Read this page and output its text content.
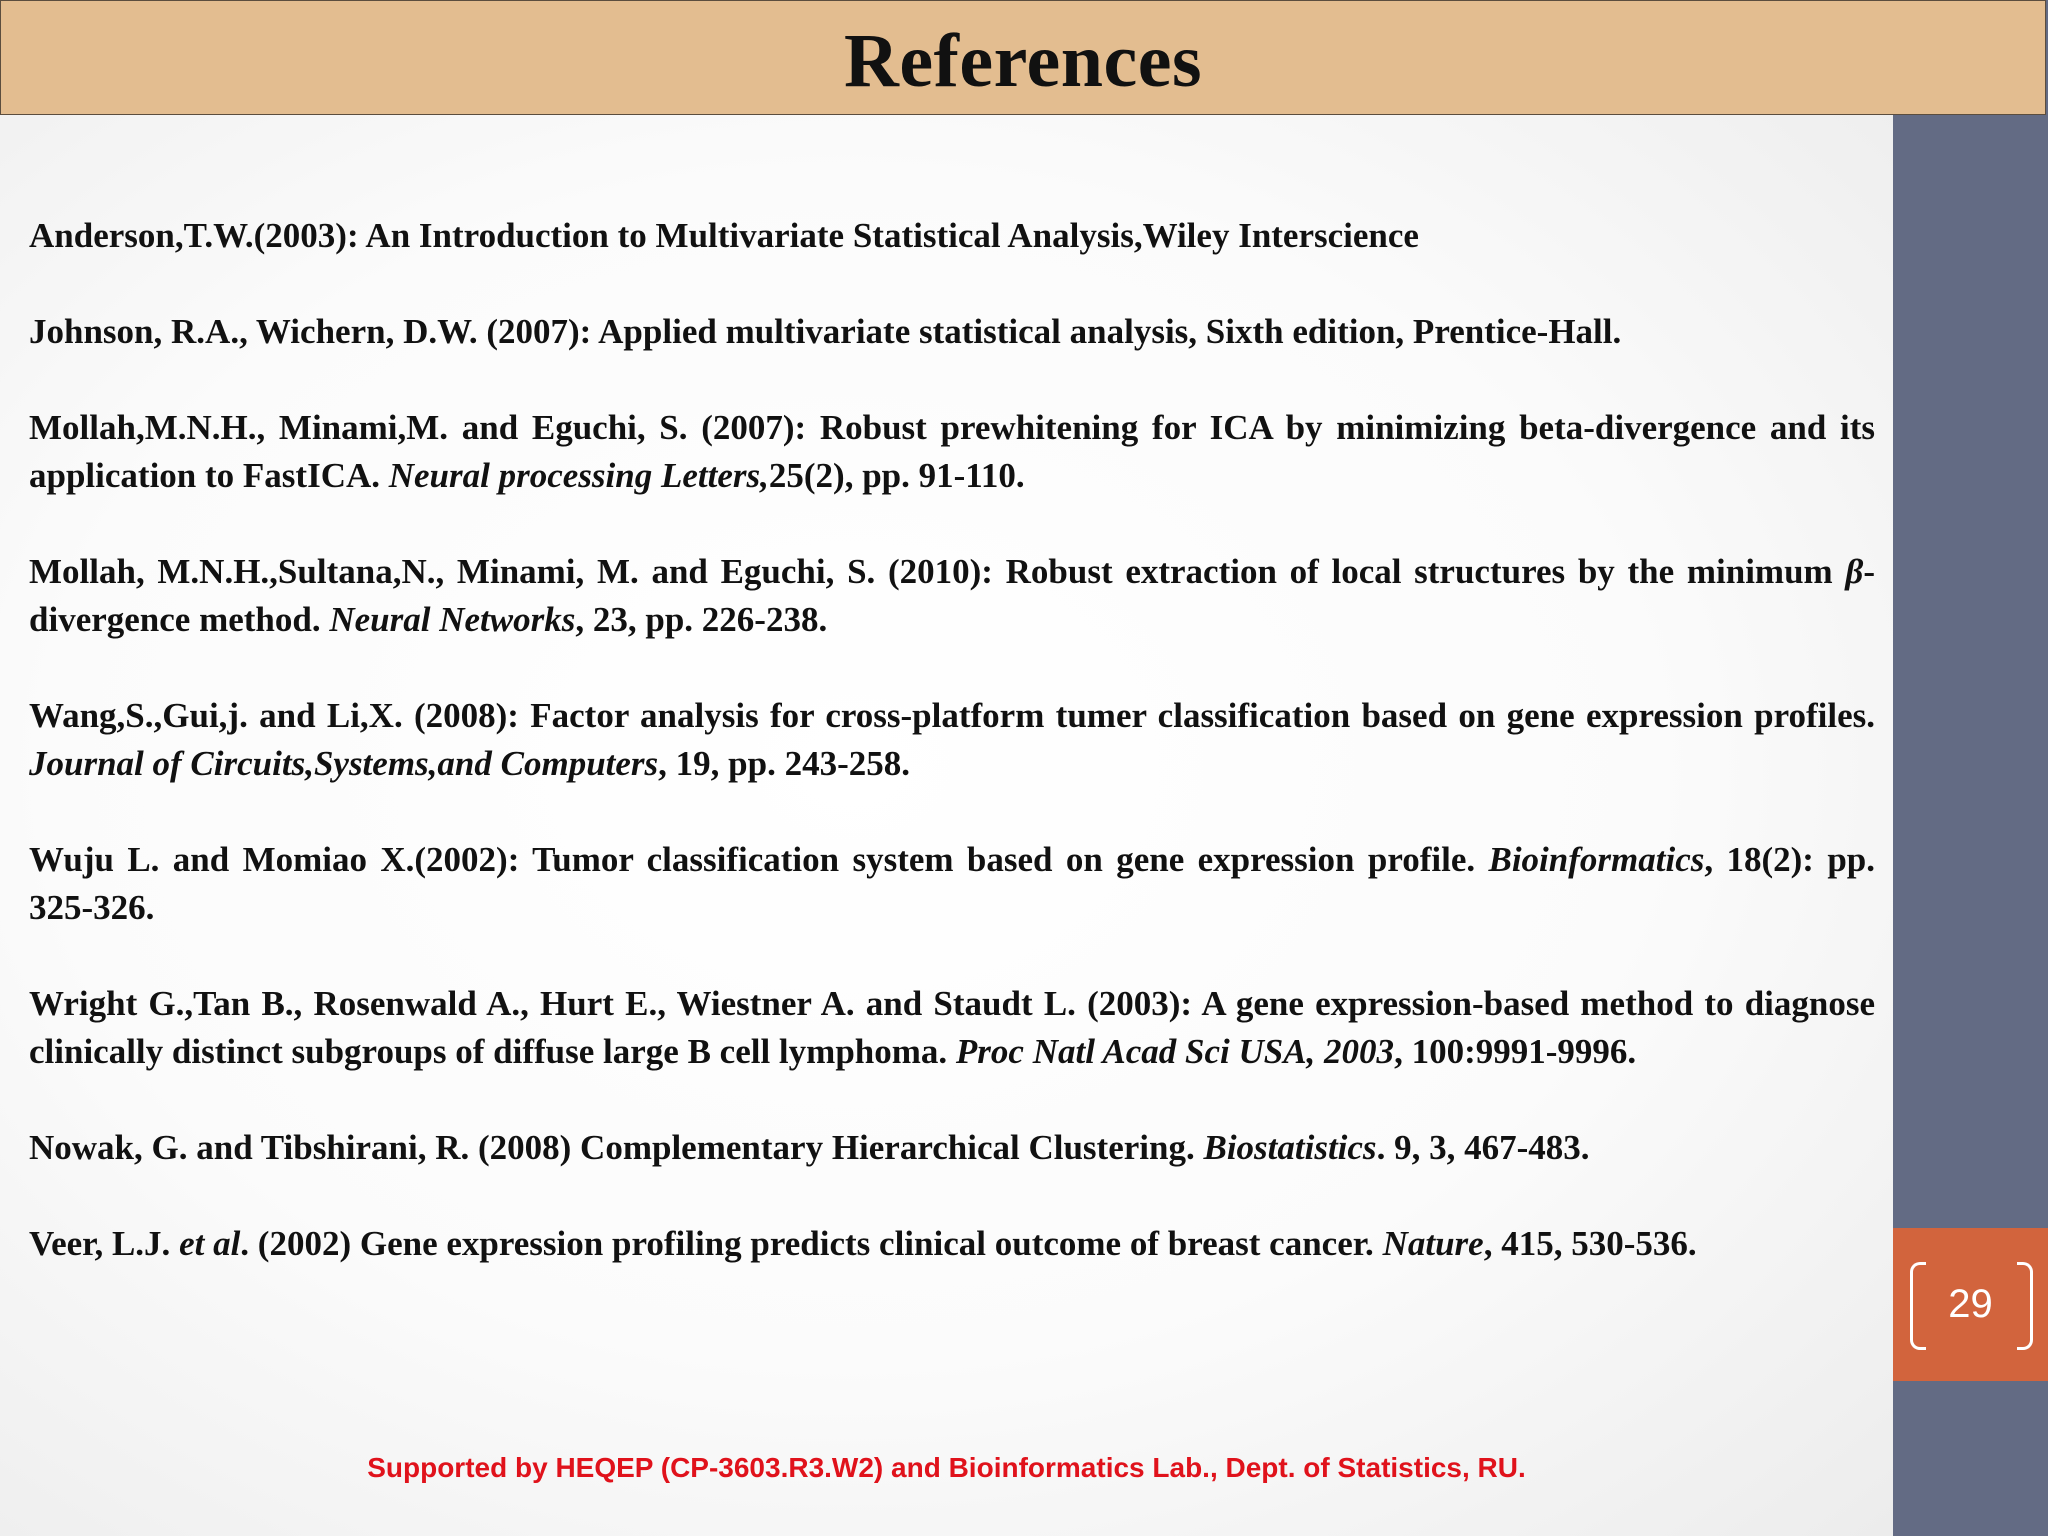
References

Anderson,T.W.(2003): An Introduction to Multivariate Statistical Analysis,Wiley Interscience

Johnson, R.A., Wichern, D.W. (2007): Applied multivariate statistical analysis, Sixth edition, Prentice-Hall.

Mollah,M.N.H., Minami,M. and Eguchi, S. (2007): Robust prewhitening for ICA by minimizing beta-divergence and its application to FastICA. Neural processing Letters,25(2), pp. 91-110.

Mollah, M.N.H.,Sultana,N., Minami, M. and Eguchi, S. (2010): Robust extraction of local structures by the minimum β-divergence method. Neural Networks, 23, pp. 226-238.

Wang,S.,Gui,j. and Li,X. (2008): Factor analysis for cross-platform tumer classification based on gene expression profiles. Journal of Circuits,Systems,and Computers, 19, pp. 243-258.

Wuju L. and Momiao X.(2002): Tumor classification system based on gene expression profile. Bioinformatics, 18(2): pp. 325-326.

Wright G.,Tan B., Rosenwald A., Hurt E., Wiestner A. and Staudt L. (2003): A gene expression-based method to diagnose clinically distinct subgroups of diffuse large B cell lymphoma. Proc Natl Acad Sci USA, 2003, 100:9991-9996.

Nowak, G. and Tibshirani, R. (2008) Complementary Hierarchical Clustering. Biostatistics. 9, 3, 467-483.

Veer, L.J. et al. (2002) Gene expression profiling predicts clinical outcome of breast cancer. Nature, 415, 530-536.

29
Supported by HEQEP (CP-3603.R3.W2) and Bioinformatics Lab., Dept. of Statistics, RU.
